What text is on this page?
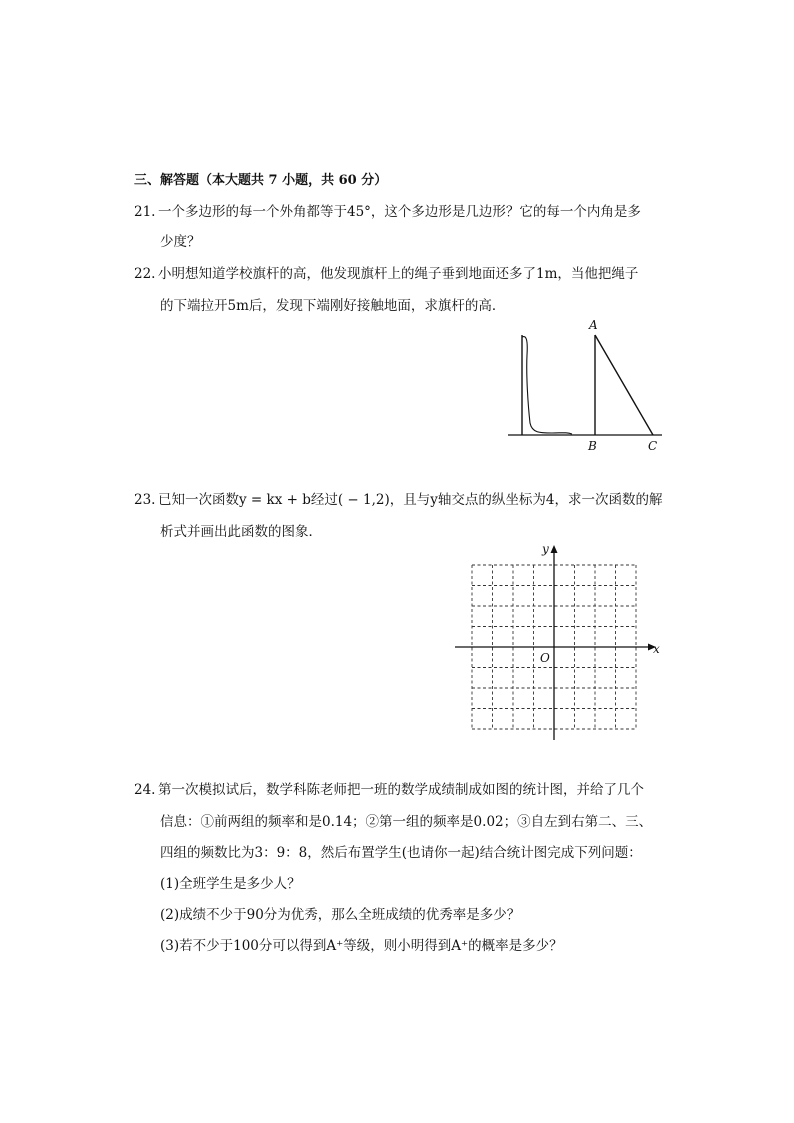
三、解答题（本大题共 7 小题，共 60 分）
21. 一个多边形的每一个外角都等于45°，这个多边形是几边形？它的每一个内角是多
少度？
22. 小明想知道学校旗杆的高，他发现旗杆上的绳子垂到地面还多了1m，当他把绳子
的下端拉开5m后，发现下端刚好接触地面，求旗杆的高．
A
B	C
23. 已知一次函数y = kx + b经过( − 1,2)，且与y轴交点的纵坐标为4，求一次函数的解
析式并画出此函数的图象．
x
y
O
24. 第一次模拟试后，数学科陈老师把一班的数学成绩制成如图的统计图，并给了几个
信息：①前两组的频率和是0.14；②第一组的频率是0.02；③自左到右第二、三、
四组的频数比为3：9：8，然后布置学生(也请你一起)结合统计图完成下列问题：
(1)全班学生是多少人？
(2)成绩不少于90分为优秀，那么全班成绩的优秀率是多少？
(3)若不少于100分可以得到A⁺等级，则小明得到A⁺的概率是多少？
